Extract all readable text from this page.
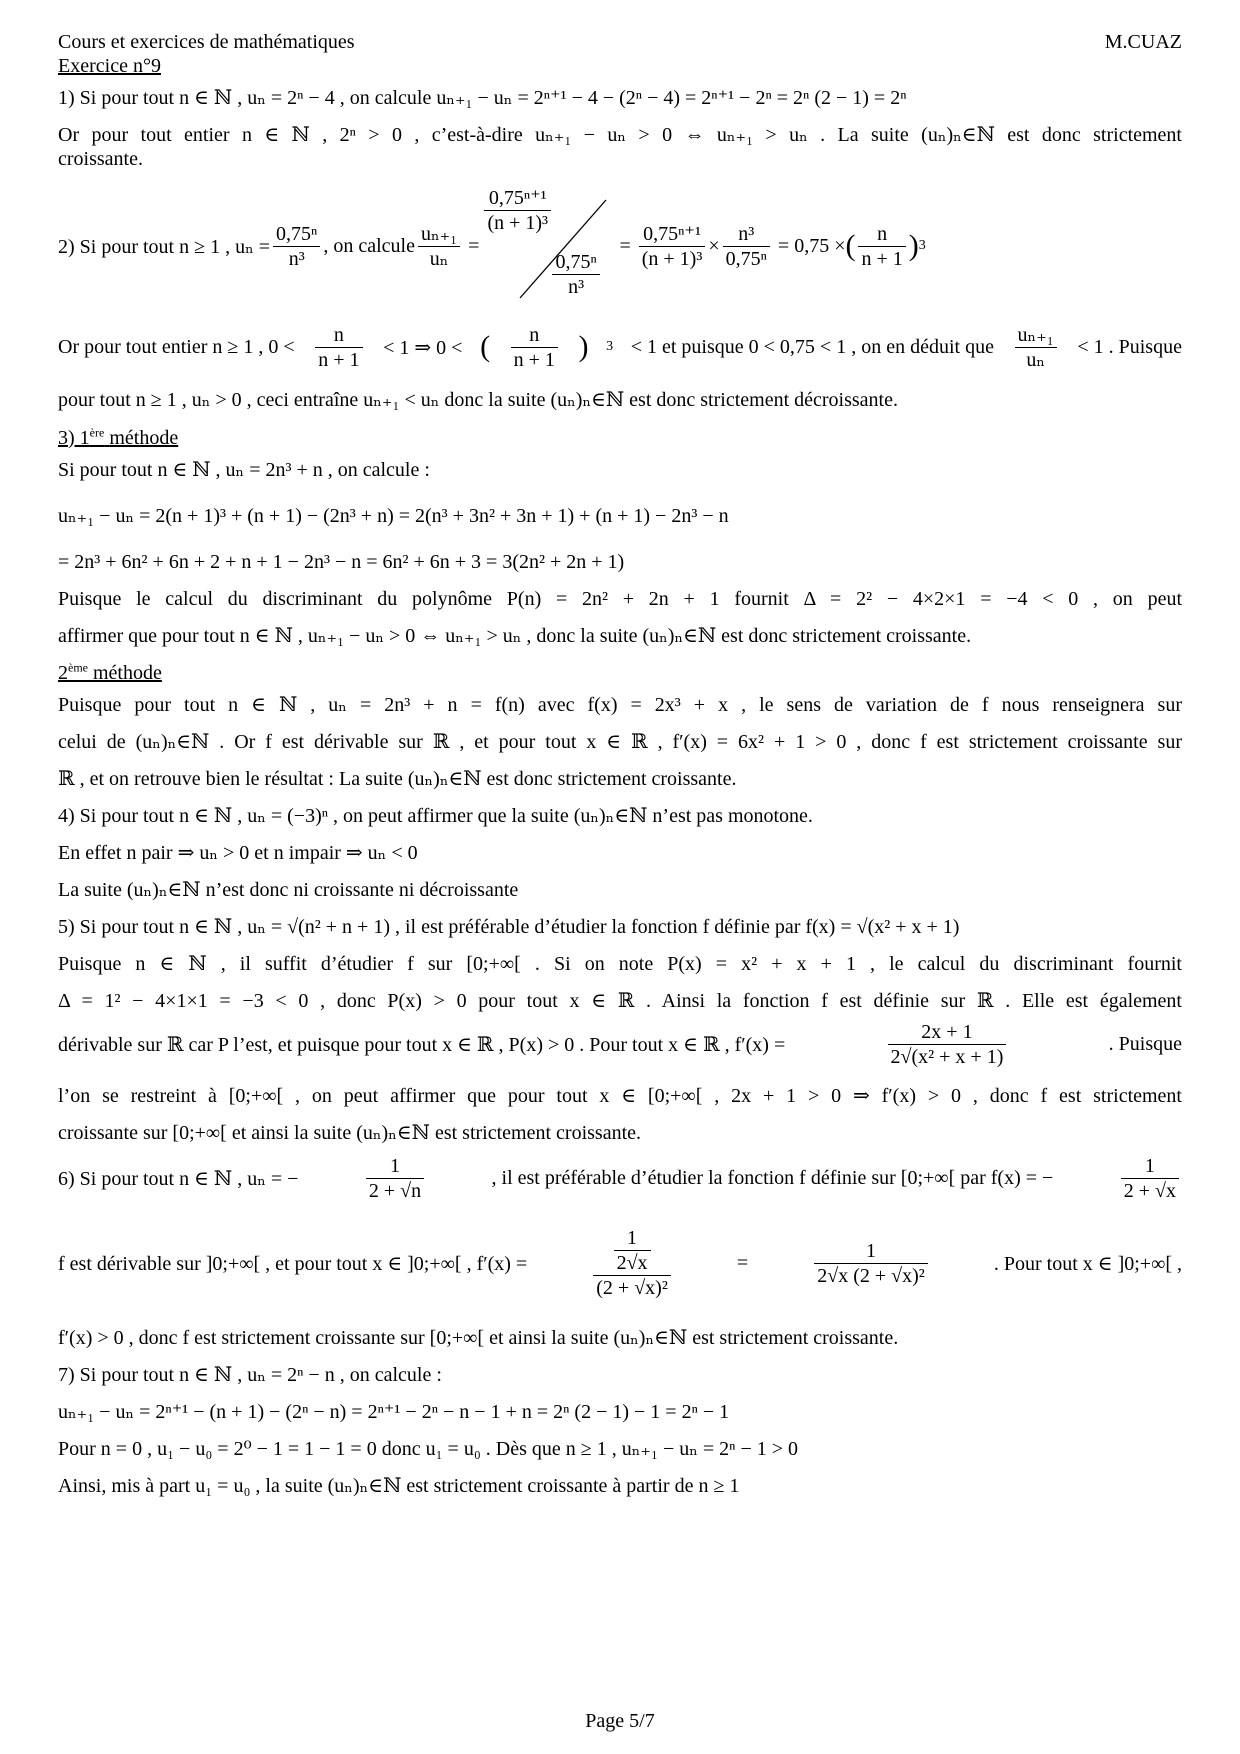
Cours et exercices de mathématiques	M.CUAZ
Exercice n°9

1) Si pour tout n ∈ ℕ , uₙ = 2ⁿ − 4 , on calcule uₙ₊₁ − uₙ = 2ⁿ⁺¹ − 4 − (2ⁿ − 4) = 2ⁿ⁺¹ − 2ⁿ = 2ⁿ (2 − 1) = 2ⁿ

Or pour tout entier n ∈ ℕ , 2ⁿ > 0 , c’est-à-dire uₙ₊₁ − uₙ > 0 ⇔ uₙ₊₁ > uₙ . La suite (uₙ)ₙ∈ℕ est donc strictement

croissante.

2) Si pour tout n ≥ 1 , $u_n = \frac{\text{0,75ⁿ}}{\text{n³}}$ , on calcule $\frac{\text{uₙ₊₁}}{\text{uₙ}}$ =
$\frac{\text{0,75ⁿ⁺¹}}{\text{(n + 1)³}}$
$\frac{\text{0,75ⁿ}}{\text{n³}}$
= $\frac{\text{0,75ⁿ⁺¹}}{\text{(n + 1)³}} \times \frac{\text{n³}}{\text{0,75ⁿ}}$
= 0,75 × ( $\frac{n}{n + 1}$ ) 3
Or pour tout entier n ≥ 1 , $0 < \frac{n}{n + 1} < 1$ ⇒ 0 < ( $\frac{n}{n + 1}$ ) 3 < 1 et puisque 0 < 0,75 < 1 , on en déduit que $\frac{\text{uₙ₊₁}}{\text{uₙ}} < 1$ . Puisque

pour tout n ≥ 1 , uₙ > 0 , ceci entraîne uₙ₊₁ < uₙ donc la suite (uₙ)ₙ∈ℕ est donc strictement décroissante.

3) 1ère méthode

Si pour tout n ∈ ℕ , uₙ = 2n³ + n , on calcule :

uₙ₊₁ − uₙ = 2(n + 1)³ + (n + 1) − (2n³ + n) = 2(n³ + 3n² + 3n + 1) + (n + 1) − 2n³ − n

= 2n³ + 6n² + 6n + 2 + n + 1 − 2n³ − n = 6n² + 6n + 3 = 3(2n² + 2n + 1)

Puisque le calcul du discriminant du polynôme P(n) = 2n² + 2n + 1 fournit Δ = 2² − 4×2×1 = −4 < 0 , on peut

affirmer que pour tout n ∈ ℕ , uₙ₊₁ − uₙ > 0 ⇔ uₙ₊₁ > uₙ , donc la suite (uₙ)ₙ∈ℕ est donc strictement croissante.

2ème méthode

Puisque pour tout n ∈ ℕ , uₙ = 2n³ + n = f(n) avec f(x) = 2x³ + x , le sens de variation de f nous renseignera sur

celui de (uₙ)ₙ∈ℕ . Or f est dérivable sur ℝ , et pour tout x ∈ ℝ , f′(x) = 6x² + 1 > 0 , donc f est strictement croissante sur

ℝ , et on retrouve bien le résultat : La suite (uₙ)ₙ∈ℕ est donc strictement croissante.

4) Si pour tout n ∈ ℕ , uₙ = (−3)ⁿ , on peut affirmer que la suite (uₙ)ₙ∈ℕ n’est pas monotone.

En effet n pair ⇒ uₙ > 0 et n impair ⇒ uₙ < 0

La suite (uₙ)ₙ∈ℕ n’est donc ni croissante ni décroissante

5) Si pour tout n ∈ ℕ , uₙ = √(n² + n + 1) , il est préférable d’étudier la fonction f définie par f(x) = √(x² + x + 1)

Puisque n ∈ ℕ , il suffit d’étudier f sur [0;+∞[ . Si on note P(x) = x² + x + 1 , le calcul du discriminant fournit

Δ = 1² − 4×1×1 = −3 < 0 , donc P(x) > 0 pour tout x ∈ ℝ . Ainsi la fonction f est définie sur ℝ . Elle est également

dérivable sur ℝ car P l’est, et puisque pour tout x ∈ ℝ , P(x) > 0 . Pour tout x ∈ ℝ , f′(x) =	$\frac{2x + 1}{\text{2√(x² + x + 1)}}$	. Puisque

l’on se restreint à [0;+∞[ , on peut affirmer que pour tout x ∈ [0;+∞[ , 2x + 1 > 0 ⇒ f′(x) > 0 , donc f est strictement

croissante sur [0;+∞[ et ainsi la suite (uₙ)ₙ∈ℕ est strictement croissante.

6) Si pour tout n ∈ ℕ , uₙ = −	$\frac{1}{2 + √n}$	, il est préférable d’étudier la fonction f définie sur [0;+∞[ par f(x) = −	$\frac{1}{2 + √x}$
f est dérivable sur ]0;+∞[ , et pour tout x ∈ ]0;+∞[ , f′(x) =	$\frac{\frac{1}{2√x}}{\text{(2 + √x)²}}$	=	$\frac{1}{\text{2√x (2 + √x)²}}$	. Pour tout x ∈ ]0;+∞[ ,

f′(x) > 0 , donc f est strictement croissante sur [0;+∞[ et ainsi la suite (uₙ)ₙ∈ℕ est strictement croissante.

7) Si pour tout n ∈ ℕ , uₙ = 2ⁿ − n , on calcule :

uₙ₊₁ − uₙ = 2ⁿ⁺¹ − (n + 1) − (2ⁿ − n) = 2ⁿ⁺¹ − 2ⁿ − n − 1 + n = 2ⁿ (2 − 1) − 1 = 2ⁿ − 1

Pour n = 0 , u₁ − u₀ = 2⁰ − 1 = 1 − 1 = 0 donc u₁ = u₀ . Dès que n ≥ 1 , uₙ₊₁ − uₙ = 2ⁿ − 1 > 0

Ainsi, mis à part u₁ = u₀ , la suite (uₙ)ₙ∈ℕ est strictement croissante à partir de n ≥ 1

Page 5/7
